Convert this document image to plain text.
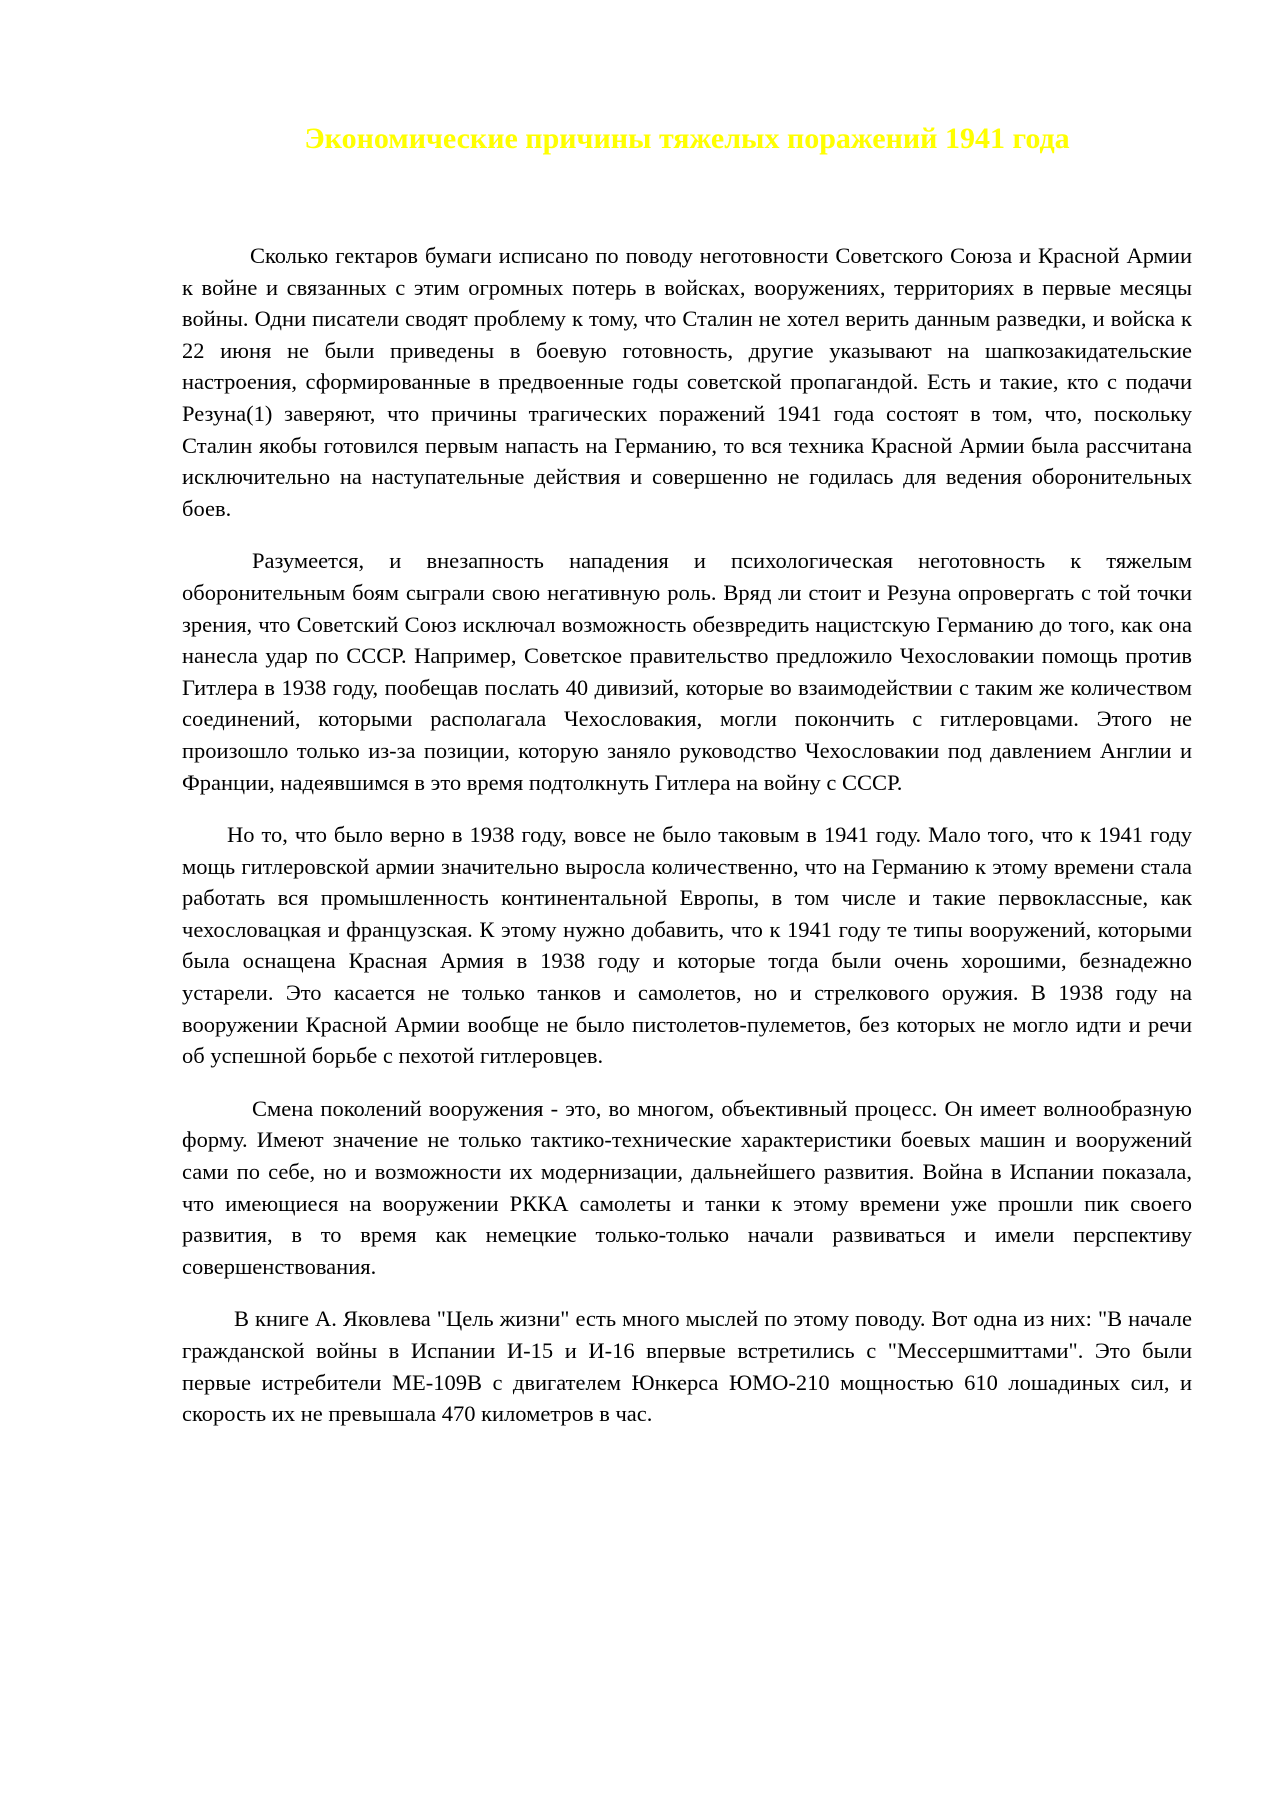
Экономические причины тяжелых поражений 1941 года

Сколько гектаров бумаги исписано по поводу неготовности Советского Союза и Красной Армии к войне и связанных с этим огромных потерь в войсках, вооружениях, территориях в первые месяцы войны. Одни писатели сводят проблему к тому, что Сталин не хотел верить данным разведки, и войска к 22 июня не были приведены в боевую готовность, другие указывают на шапкозакидательские настроения, сформированные в предвоенные годы советской пропагандой. Есть и такие, кто с подачи Резуна(1) заверяют, что причины трагических поражений 1941 года состоят в том, что, поскольку Сталин якобы готовился первым напасть на Германию, то вся техника Красной Армии была рассчитана исключительно на наступательные действия и совершенно не годилась для ведения оборонительных боев.

Разумеется, и внезапность нападения и психологическая неготовность к тяжелым оборонительным боям сыграли свою негативную роль. Вряд ли стоит и Резуна опровергать с той точки зрения, что Советский Союз исключал возможность обезвредить нацистскую Германию до того, как она нанесла удар по СССР. Например, Советское правительство предложило Чехословакии помощь против Гитлера в 1938 году, пообещав послать 40 дивизий, которые во взаимодействии с таким же количеством соединений, которыми располагала Чехословакия, могли покончить с гитлеровцами. Этого не произошло только из-за позиции, которую заняло руководство Чехословакии под давлением Англии и Франции, надеявшимся в это время подтолкнуть Гитлера на войну с СССР.

Но то, что было верно в 1938 году, вовсе не было таковым в 1941 году. Мало того, что к 1941 году мощь гитлеровской армии значительно выросла количественно, что на Германию к этому времени стала работать вся промышленность континентальной Европы, в том числе и такие первоклассные, как чехословацкая и французская. К этому нужно добавить, что к 1941 году те типы вооружений, которыми была оснащена Красная Армия в 1938 году и которые тогда были очень хорошими, безнадежно устарели. Это касается не только танков и самолетов, но и стрелкового оружия. В 1938 году на вооружении Красной Армии вообще не было пистолетов-пулеметов, без которых не могло идти и речи об успешной борьбе с пехотой гитлеровцев.

Смена поколений вооружения - это, во многом, объективный процесс. Он имеет волнообразную форму. Имеют значение не только тактико-технические характеристики боевых машин и вооружений сами по себе, но и возможности их модернизации, дальнейшего развития. Война в Испании показала, что имеющиеся на вооружении РККА самолеты и танки к этому времени уже прошли пик своего развития, в то время как немецкие только-только начали развиваться и имели перспективу совершенствования.

В книге А. Яковлева "Цель жизни" есть много мыслей по этому поводу. Вот одна из них: "В начале гражданской войны в Испании И-15 и И-16 впервые встретились с "Мессершмиттами". Это были первые истребители МЕ-109В с двигателем Юнкерса ЮМО-210 мощностью 610 лошадиных сил, и скорость их не превышала 470 километров в час.
